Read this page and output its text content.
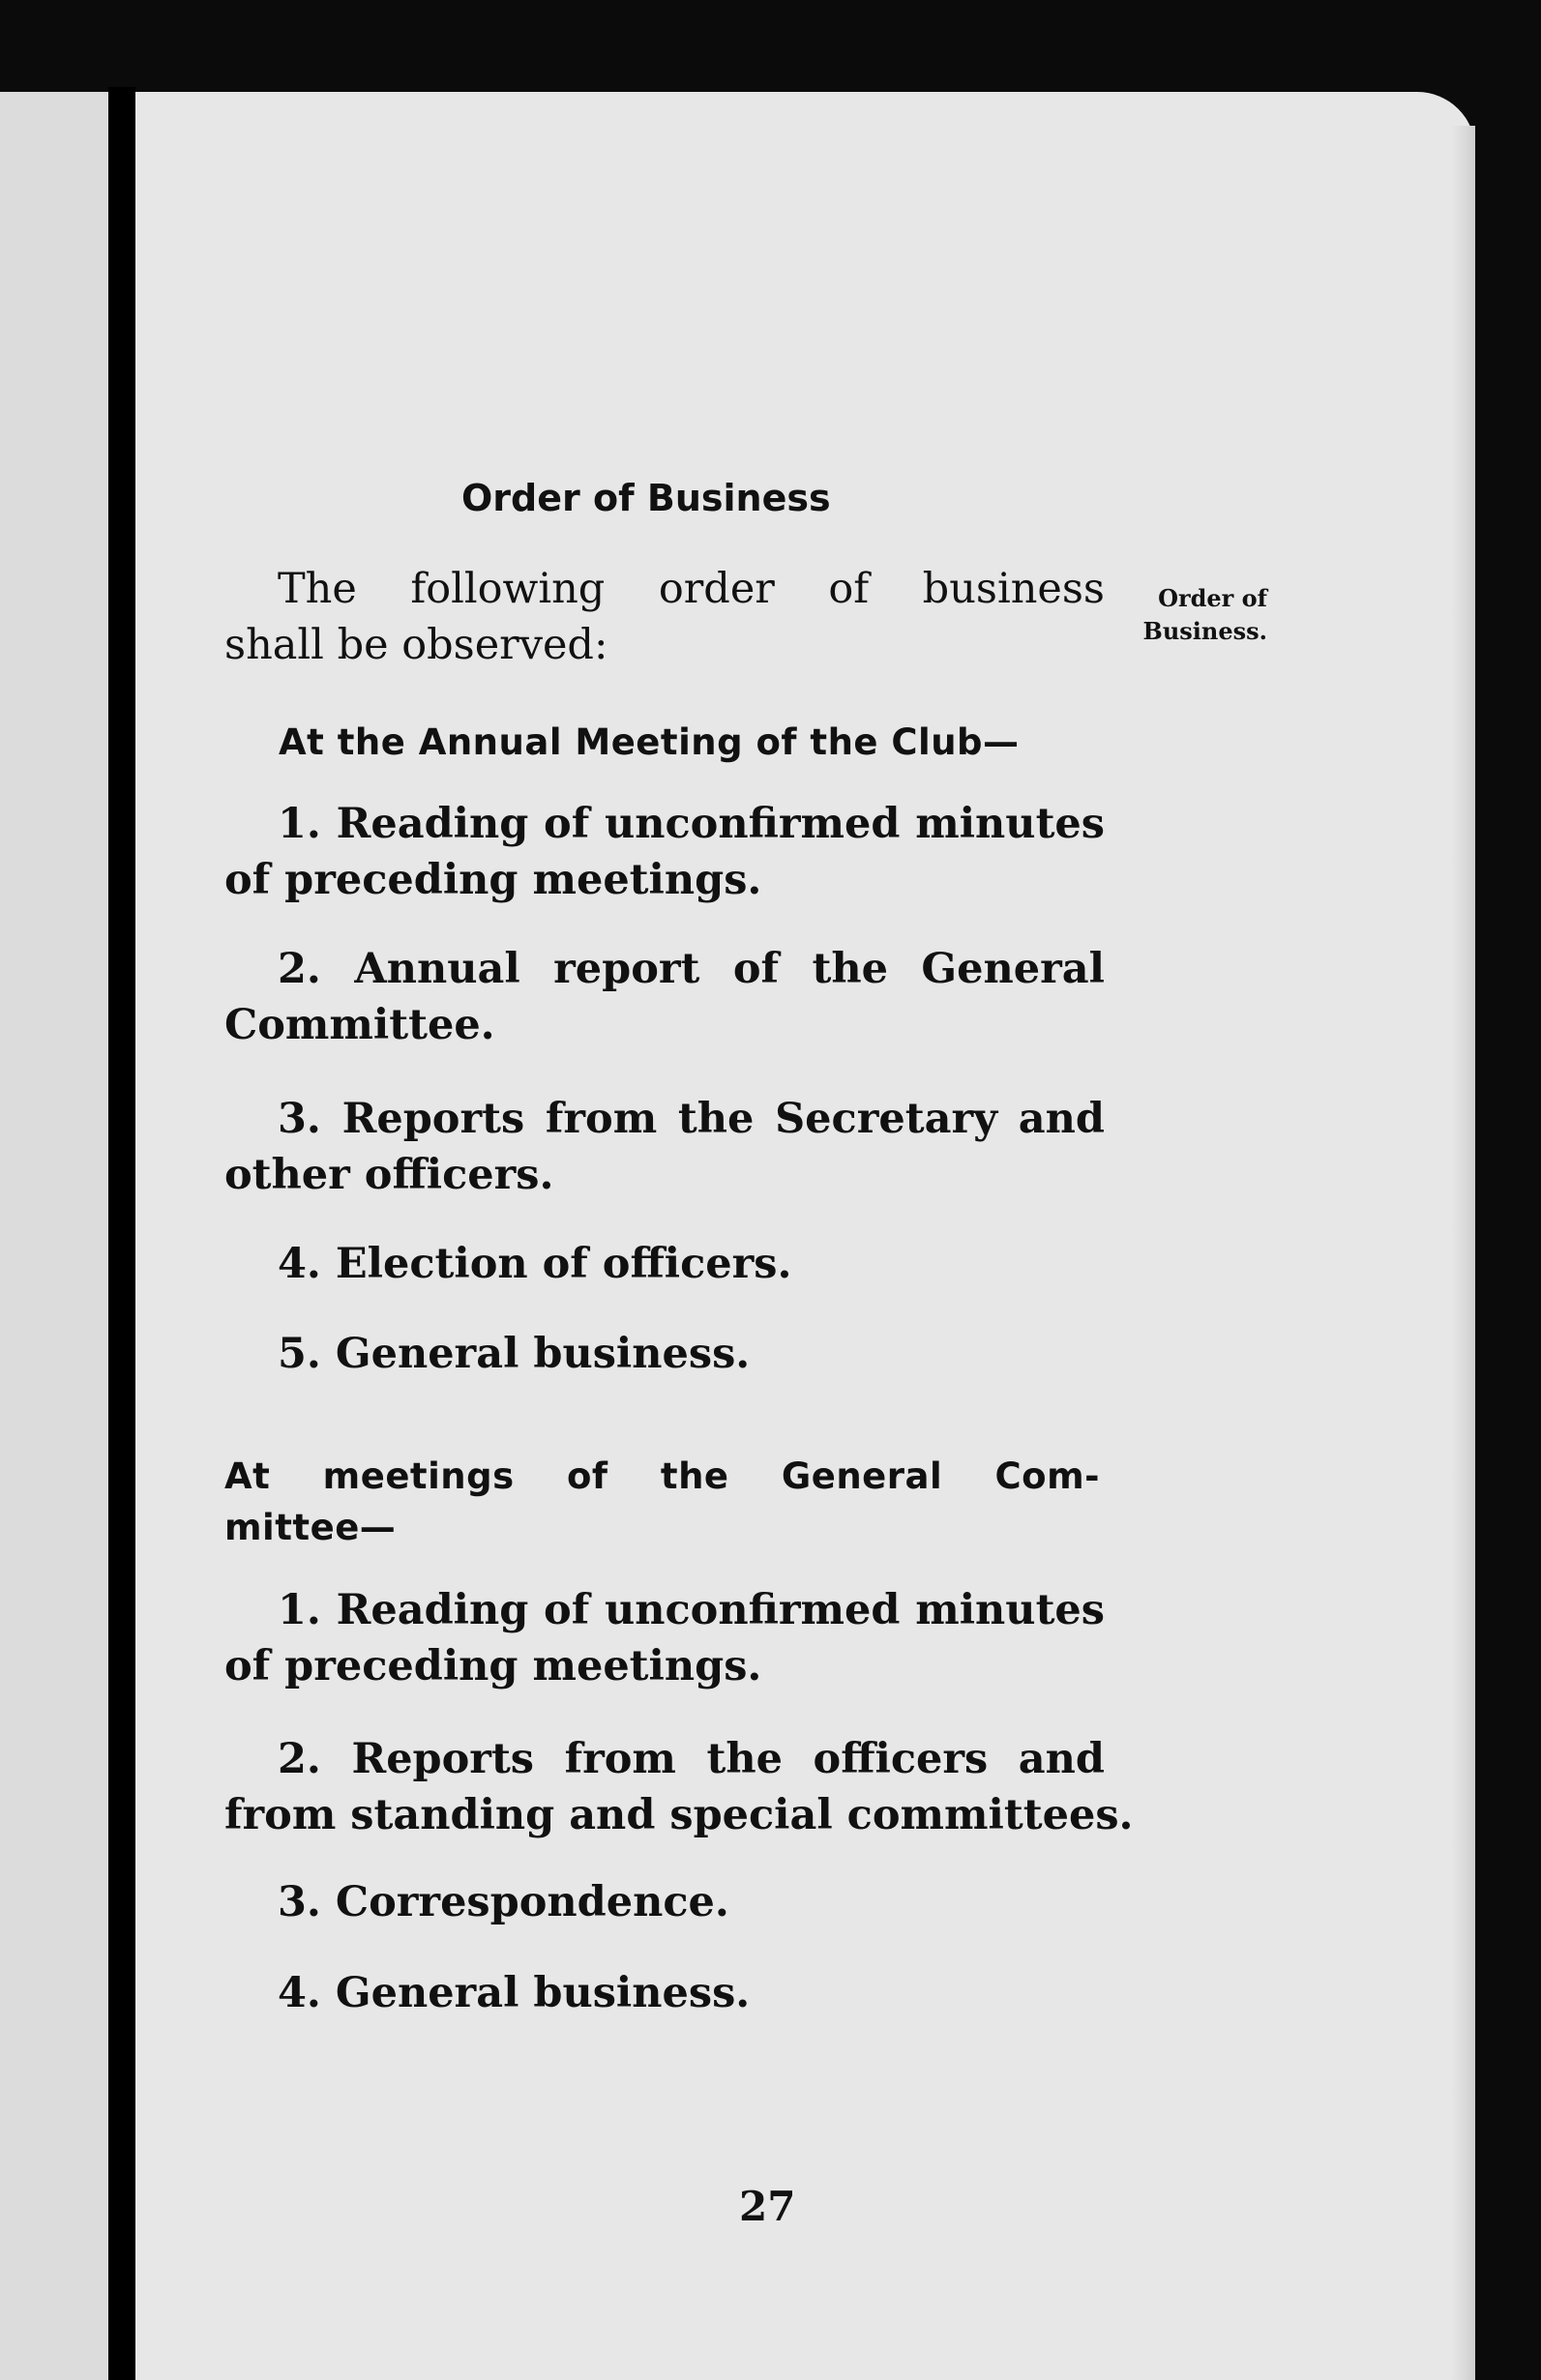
Order of Business
The following order of business
shall be observed:
Order of
Business.
At the Annual Meeting of the Club—
1. Reading of unconfirmed minutes
of preceding meetings.
2. Annual report of the General
Committee.
3. Reports from the Secretary and
other officers.
4. Election of officers.
5. General business.
At meetings of the General Com-
mittee—
1. Reading of unconfirmed minutes
of preceding meetings.
2. Reports from the officers and
from standing and special committees.
3. Correspondence.
4. General business.
27
